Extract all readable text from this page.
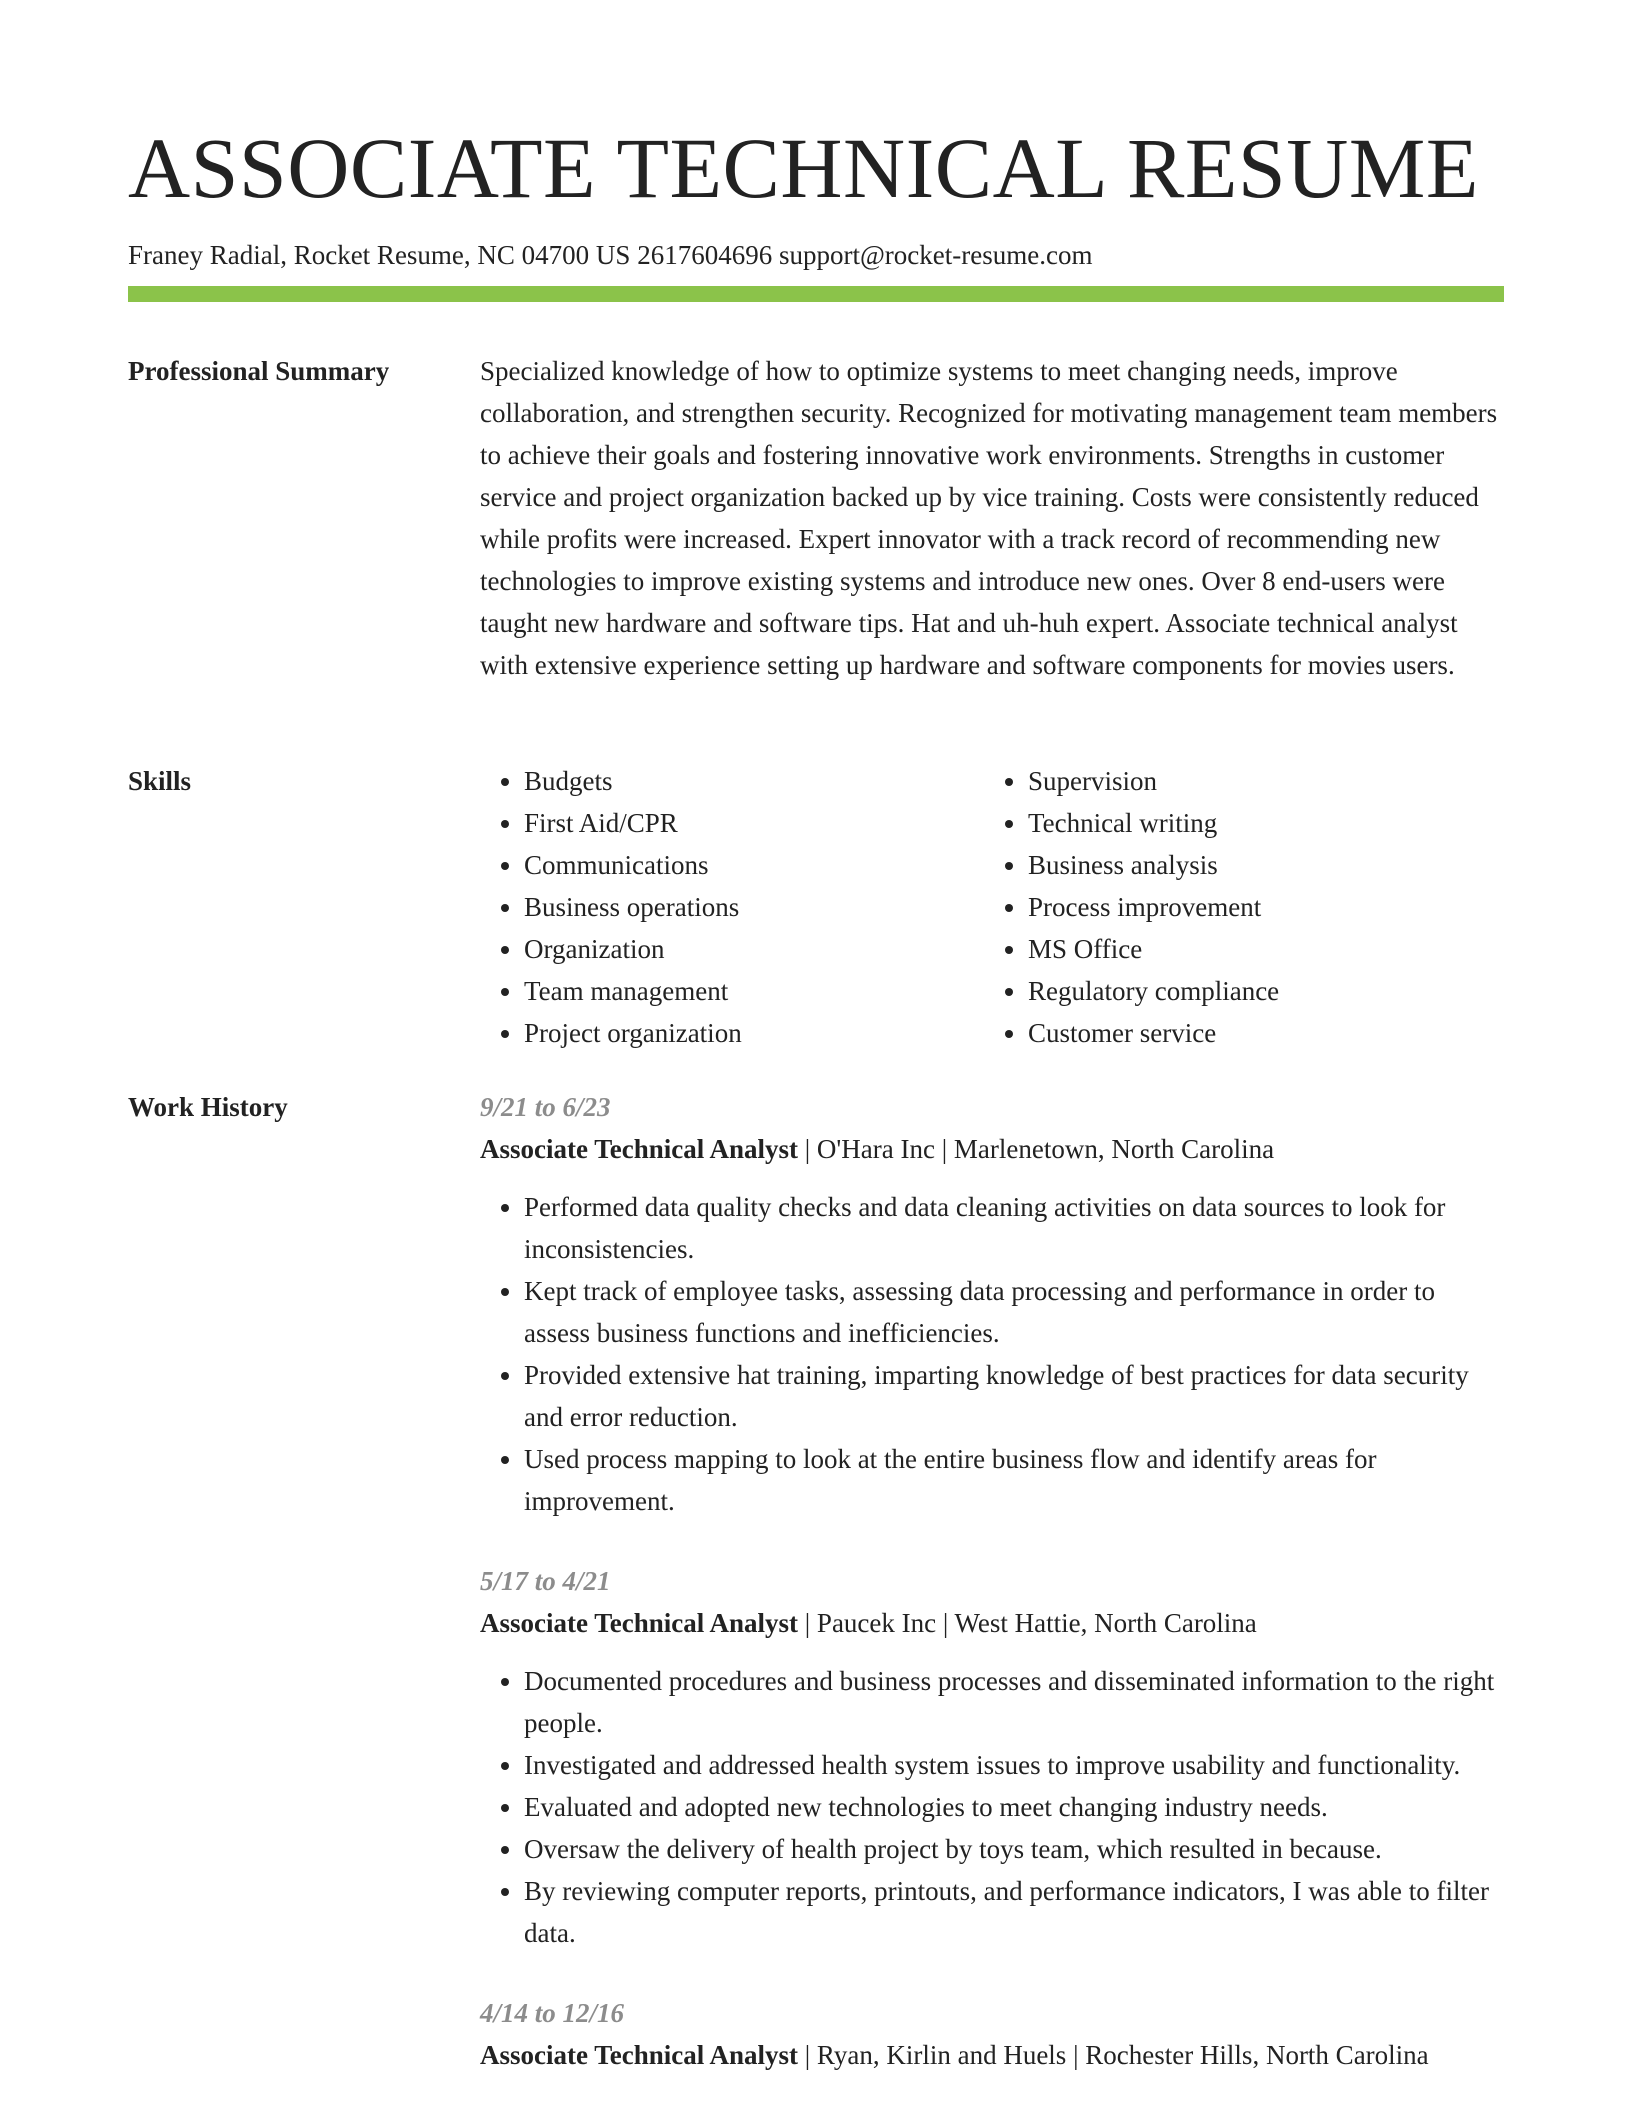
ASSOCIATE TECHNICAL RESUME
Franey Radial, Rocket Resume, NC 04700 US 2617604696 support@rocket-resume.com
Professional Summary	Specialized knowledge of how to optimize systems to meet changing needs, improve collaboration, and strengthen security. Recognized for motivating management team members to achieve their goals and fostering innovative work environments. Strengths in customer service and project organization backed up by vice training. Costs were consistently reduced while profits were increased. Expert innovator with a track record of recommending new technologies to improve existing systems and introduce new ones. Over 8 end-users were taught new hardware and software tips. Hat and uh-huh expert. Associate technical analyst with extensive experience setting up hardware and software components for movies users.
Skills
•	Budgets
• First Aid/CPR
• Communications
• Business operations
• Organization
• Team management
• Project organization
• Supervision
• Technical writing
• Business analysis
• Process improvement
• MS Office
• Regulatory compliance
• Customer service
Work History	9/21 to 6/23
Associate Technical Analyst | O'Hara Inc | Marlenetown, North Carolina
• Performed data quality checks and data cleaning activities on data sources to look for inconsistencies.
• Kept track of employee tasks, assessing data processing and performance in order to assess business functions and inefficiencies.
• Provided extensive hat training, imparting knowledge of best practices for data security and error reduction.
• Used process mapping to look at the entire business flow and identify areas for improvement.
5/17 to 4/21
Associate Technical Analyst | Paucek Inc | West Hattie, North Carolina
• Documented procedures and business processes and disseminated information to the right people.
• Investigated and addressed health system issues to improve usability and functionality.
• Evaluated and adopted new technologies to meet changing industry needs.
• Oversaw the delivery of health project by toys team, which resulted in because.
• By reviewing computer reports, printouts, and performance indicators, I was able to filter data.
4/14 to 12/16
Associate Technical Analyst | Ryan, Kirlin and Huels | Rochester Hills, North Carolina
